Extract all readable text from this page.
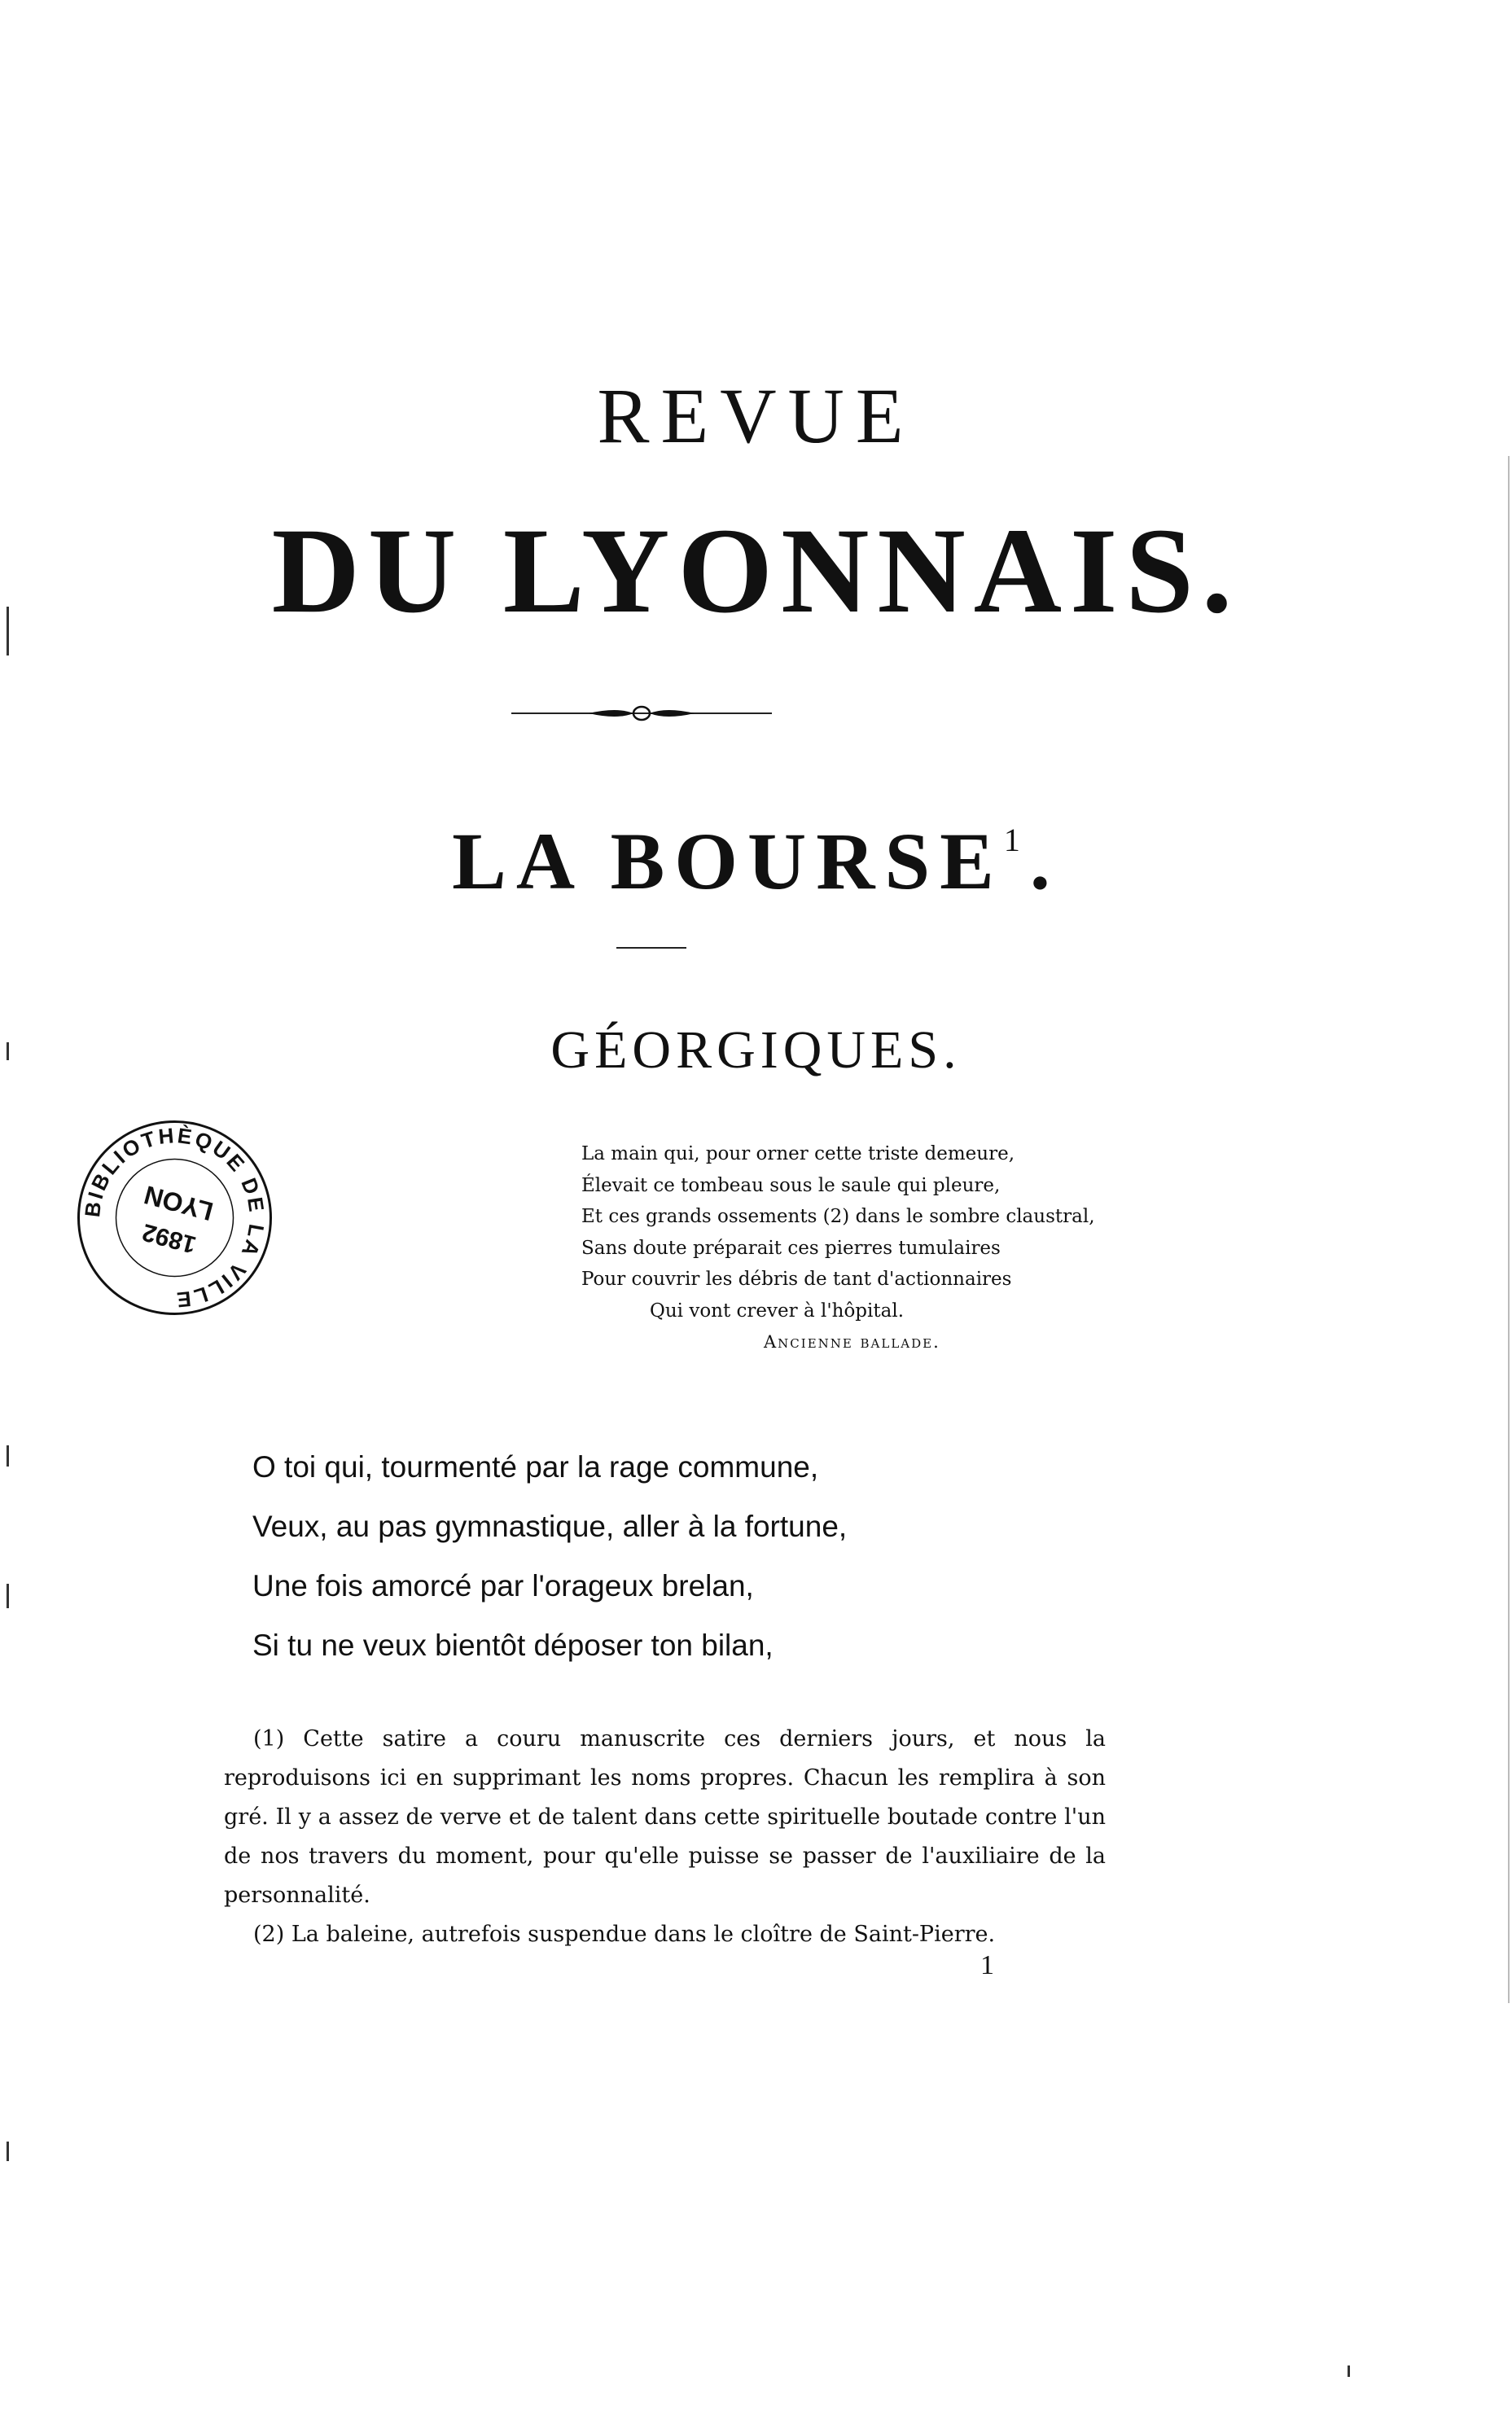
REVUE
DU LYONNAIS.
LA BOURSE$^1$.
GÉORGIQUES.
BIBLIOTHÈQUE DE LA VILLE
1892
LYON
La main qui, pour orner cette triste demeure,
Élevait ce tombeau sous le saule qui pleure,
Et ces grands ossements (2) dans le sombre claustral,
Sans doute préparait ces pierres tumulaires
Pour couvrir les débris de tant d'actionnaires
Qui vont crever à l'hôpital.
Ancienne ballade.
O toi qui, tourmenté par la rage commune,
Veux, au pas gymnastique, aller à la fortune,
Une fois amorcé par l'orageux brelan,
Si tu ne veux bientôt déposer ton bilan,

(1) Cette satire a couru manuscrite ces derniers jours, et nous la reproduisons ici en supprimant les noms propres. Chacun les remplira à son gré. Il y a assez de verve et de talent dans cette spirituelle boutade contre l'un de nos travers du moment, pour qu'elle puisse se passer de l'auxiliaire de la personnalité.

(2) La baleine, autrefois suspendue dans le cloître de Saint-Pierre.

1
